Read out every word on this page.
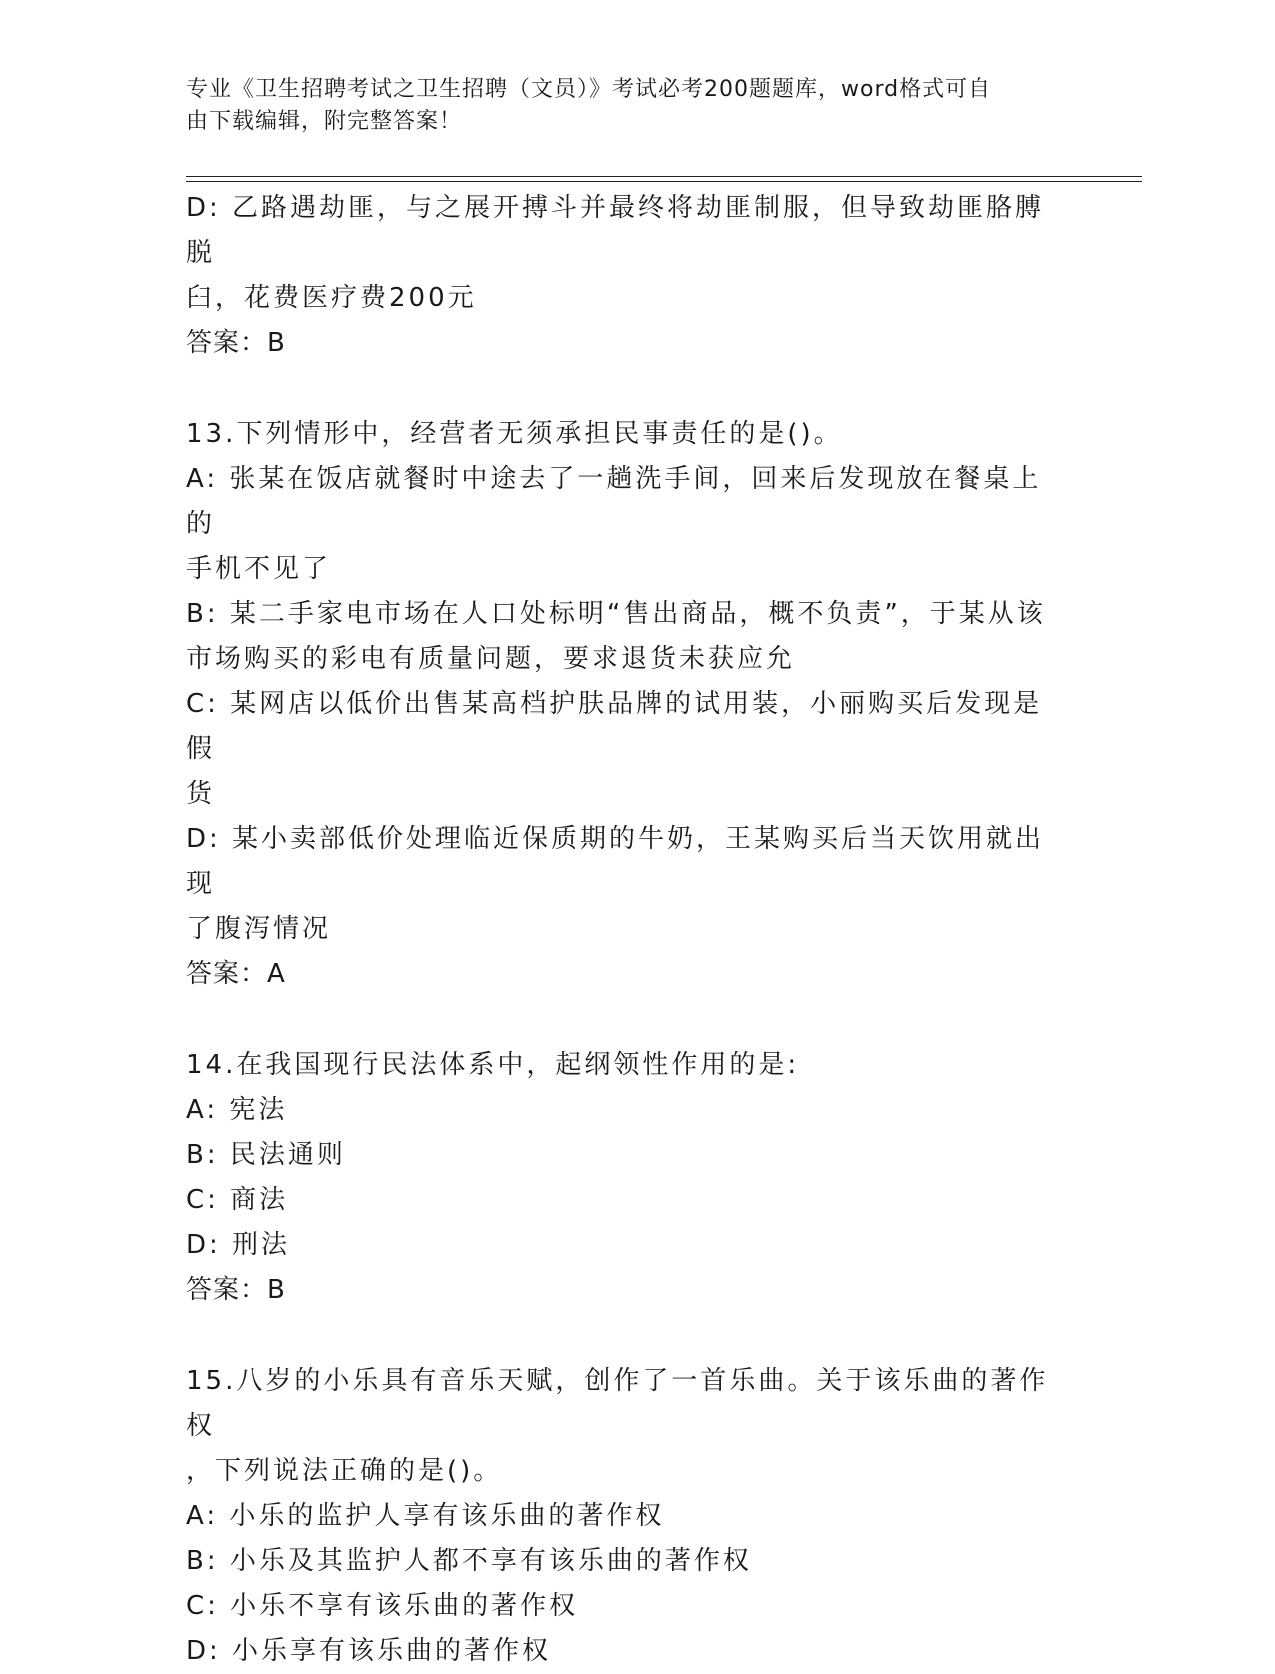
专业《卫生招聘考试之卫生招聘（文员）》考试必考200题题库，word格式可自
由下载编辑，附完整答案！
D: 乙路遇劫匪，与之展开搏斗并最终将劫匪制服，但导致劫匪胳膊脱
臼，花费医疗费200元
答案：B
13.下列情形中，经营者无须承担民事责任的是()。
A: 张某在饭店就餐时中途去了一趟洗手间，回来后发现放在餐桌上的
手机不见了
B: 某二手家电市场在人口处标明“售出商品，概不负责”，于某从该
市场购买的彩电有质量问题，要求退货未获应允
C: 某网店以低价出售某高档护肤品牌的试用装，小丽购买后发现是假
货
D: 某小卖部低价处理临近保质期的牛奶，王某购买后当天饮用就出现
了腹泻情况
答案：A
14.在我国现行民法体系中，起纲领性作用的是:
A: 宪法
B: 民法通则
C: 商法
D: 刑法
答案：B
15.八岁的小乐具有音乐天赋，创作了一首乐曲。关于该乐曲的著作权
，下列说法正确的是()。
A: 小乐的监护人享有该乐曲的著作权
B: 小乐及其监护人都不享有该乐曲的著作权
C: 小乐不享有该乐曲的著作权
D: 小乐享有该乐曲的著作权
